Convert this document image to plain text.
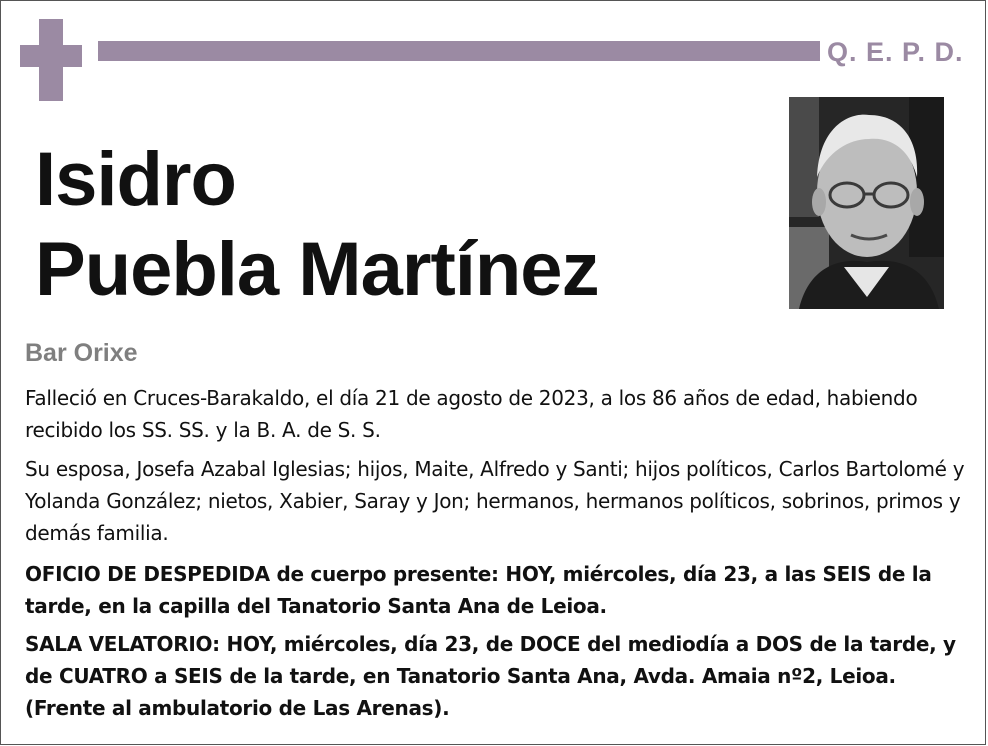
Q. E. P. D.
Isidro
Puebla Martínez
Bar Orixe

Falleció en Cruces-Barakaldo, el día 21 de agosto de 2023, a los 86 años de edad, habiendo recibido los SS. SS. y la B. A. de S. S.

Su esposa, Josefa Azabal Iglesias; hijos, Maite, Alfredo y Santi; hijos políticos, Carlos Bartolomé y Yolanda González; nietos, Xabier, Saray y Jon; hermanos, hermanos políticos, sobrinos, primos y demás familia.

OFICIO DE DESPEDIDA de cuerpo presente: HOY, miércoles, día 23, a las SEIS de la tarde, en la capilla del Tanatorio Santa Ana de Leioa.

SALA VELATORIO: HOY, miércoles, día 23, de DOCE del mediodía a DOS de la tarde, y de CUATRO a SEIS de la tarde, en Tanatorio Santa Ana, Avda. Amaia nº2, Leioa. (Frente al ambulatorio de Las Arenas).
